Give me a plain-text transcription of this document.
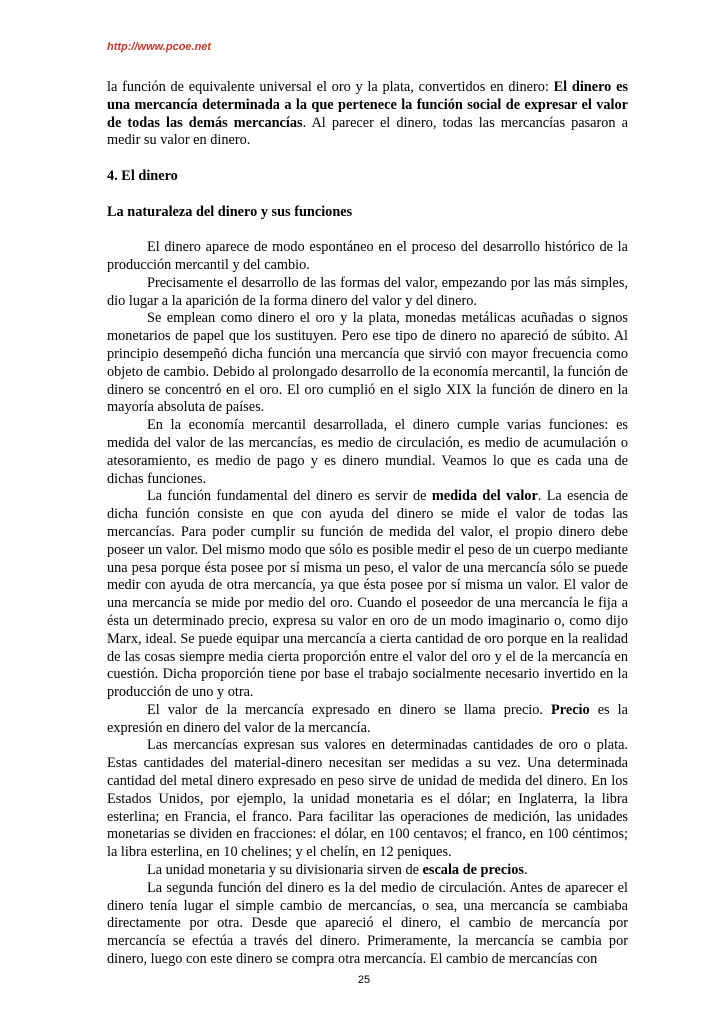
http://www.pcoe.net

la función de equivalente universal el oro y la plata, convertidos en dinero: El dinero es una mercancía determinada a la que pertenece la función social de expresar el valor de todas las demás mercancías. Al parecer el dinero, todas las mercancías pasaron a medir su valor en dinero.

4. El dinero

La naturaleza del dinero y sus funciones

El dinero aparece de modo espontáneo en el proceso del desarrollo histórico de la producción mercantil y del cambio.

Precisamente el desarrollo de las formas del valor, empezando por las más simples, dio lugar a la aparición de la forma dinero del valor y del dinero.

Se emplean como dinero el oro y la plata, monedas metálicas acuñadas o signos monetarios de papel que los sustituyen. Pero ese tipo de dinero no apareció de súbito. Al principio desempeñó dicha función una mercancía que sirvió con mayor frecuencia como objeto de cambio. Debido al prolongado desarrollo de la economía mercantil, la función de dinero se concentró en el oro. El oro cumplió en el siglo XIX la función de dinero en la mayoría absoluta de países.

En la economía mercantil desarrollada, el dinero cumple varias funciones: es medida del valor de las mercancías, es medio de circulación, es medio de acumulación o atesoramiento, es medio de pago y es dinero mundial. Veamos lo que es cada una de dichas funciones.

La función fundamental del dinero es servir de medida del valor. La esencia de dicha función consiste en que con ayuda del dinero se mide el valor de todas las mercancías. Para poder cumplir su función de medida del valor, el propio dinero debe poseer un valor. Del mismo modo que sólo es posible medir el peso de un cuerpo mediante una pesa porque ésta posee por sí misma un peso, el valor de una mercancía sólo se puede medir con ayuda de otra mercancía, ya que ésta posee por sí misma un valor. El valor de una mercancía se mide por medio del oro. Cuando el poseedor de una mercancía le fija a ésta un determinado precio, expresa su valor en oro de un modo imaginario o, como dijo Marx, ideal. Se puede equipar una mercancía a cierta cantidad de oro porque en la realidad de las cosas siempre media cierta proporción entre el valor del oro y el de la mercancía en cuestión. Dicha proporción tiene por base el trabajo socialmente necesario invertido en la producción de uno y otra.

El valor de la mercancía expresado en dinero se llama precio. Precio es la expresión en dinero del valor de la mercancía.

Las mercancías expresan sus valores en determinadas cantidades de oro o plata. Estas cantidades del material-dinero necesitan ser medidas a su vez. Una determinada cantidad del metal dinero expresado en peso sirve de unidad de medida del dinero. En los Estados Unidos, por ejemplo, la unidad monetaria es el dólar; en Inglaterra, la libra esterlina; en Francia, el franco. Para facilitar las operaciones de medición, las unidades monetarias se dividen en fracciones: el dólar, en 100 centavos; el franco, en 100 céntimos; la libra esterlina, en 10 chelines; y el chelín, en 12 peniques.

La unidad monetaria y su divisionaria sirven de escala de precios.

La segunda función del dinero es la del medio de circulación. Antes de aparecer el dinero tenía lugar el simple cambio de mercancías, o sea, una mercancía se cambiaba directamente por otra. Desde que apareció el dinero, el cambio de mercancía por mercancía se efectúa a través del dinero. Primeramente, la mercancía se cambia por dinero, luego con este dinero se compra otra mercancía. El cambio de mercancías con

25
